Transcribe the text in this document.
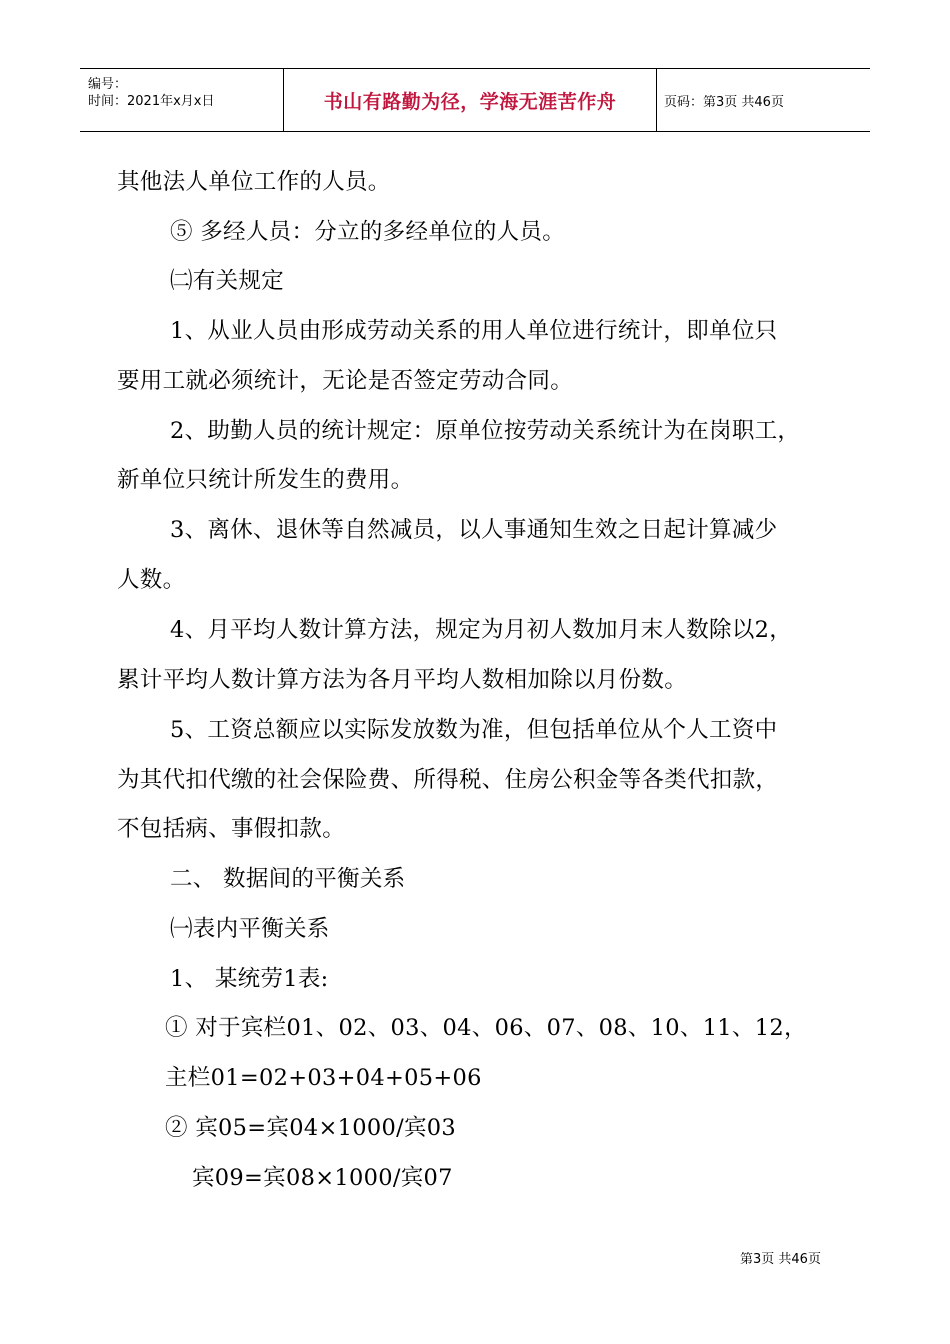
编号：
时间：2021年x月x日	书山有路勤为径，学海无涯苦作舟	页码：第3页 共46页
其他法人单位工作的人员。
⑤ 多经人员：分立的多经单位的人员。
㈡有关规定
1、从业人员由形成劳动关系的用人单位进行统计，即单位只
要用工就必须统计，无论是否签定劳动合同。
2、助勤人员的统计规定：原单位按劳动关系统计为在岗职工，
新单位只统计所发生的费用。
3、离休、退休等自然减员，以人事通知生效之日起计算减少
人数。
4、月平均人数计算方法，规定为月初人数加月末人数除以2，
累计平均人数计算方法为各月平均人数相加除以月份数。
5、工资总额应以实际发放数为准，但包括单位从个人工资中
为其代扣代缴的社会保险费、所得税、住房公积金等各类代扣款，
不包括病、事假扣款。
二、 数据间的平衡关系
㈠表内平衡关系
1、 某统劳1表:
① 对于宾栏01、02、03、04、06、07、08、10、11、12，
主栏01=02+03+04+05+06
② 宾05=宾04×1000/宾03
宾09=宾08×1000/宾07
第3页 共46页
